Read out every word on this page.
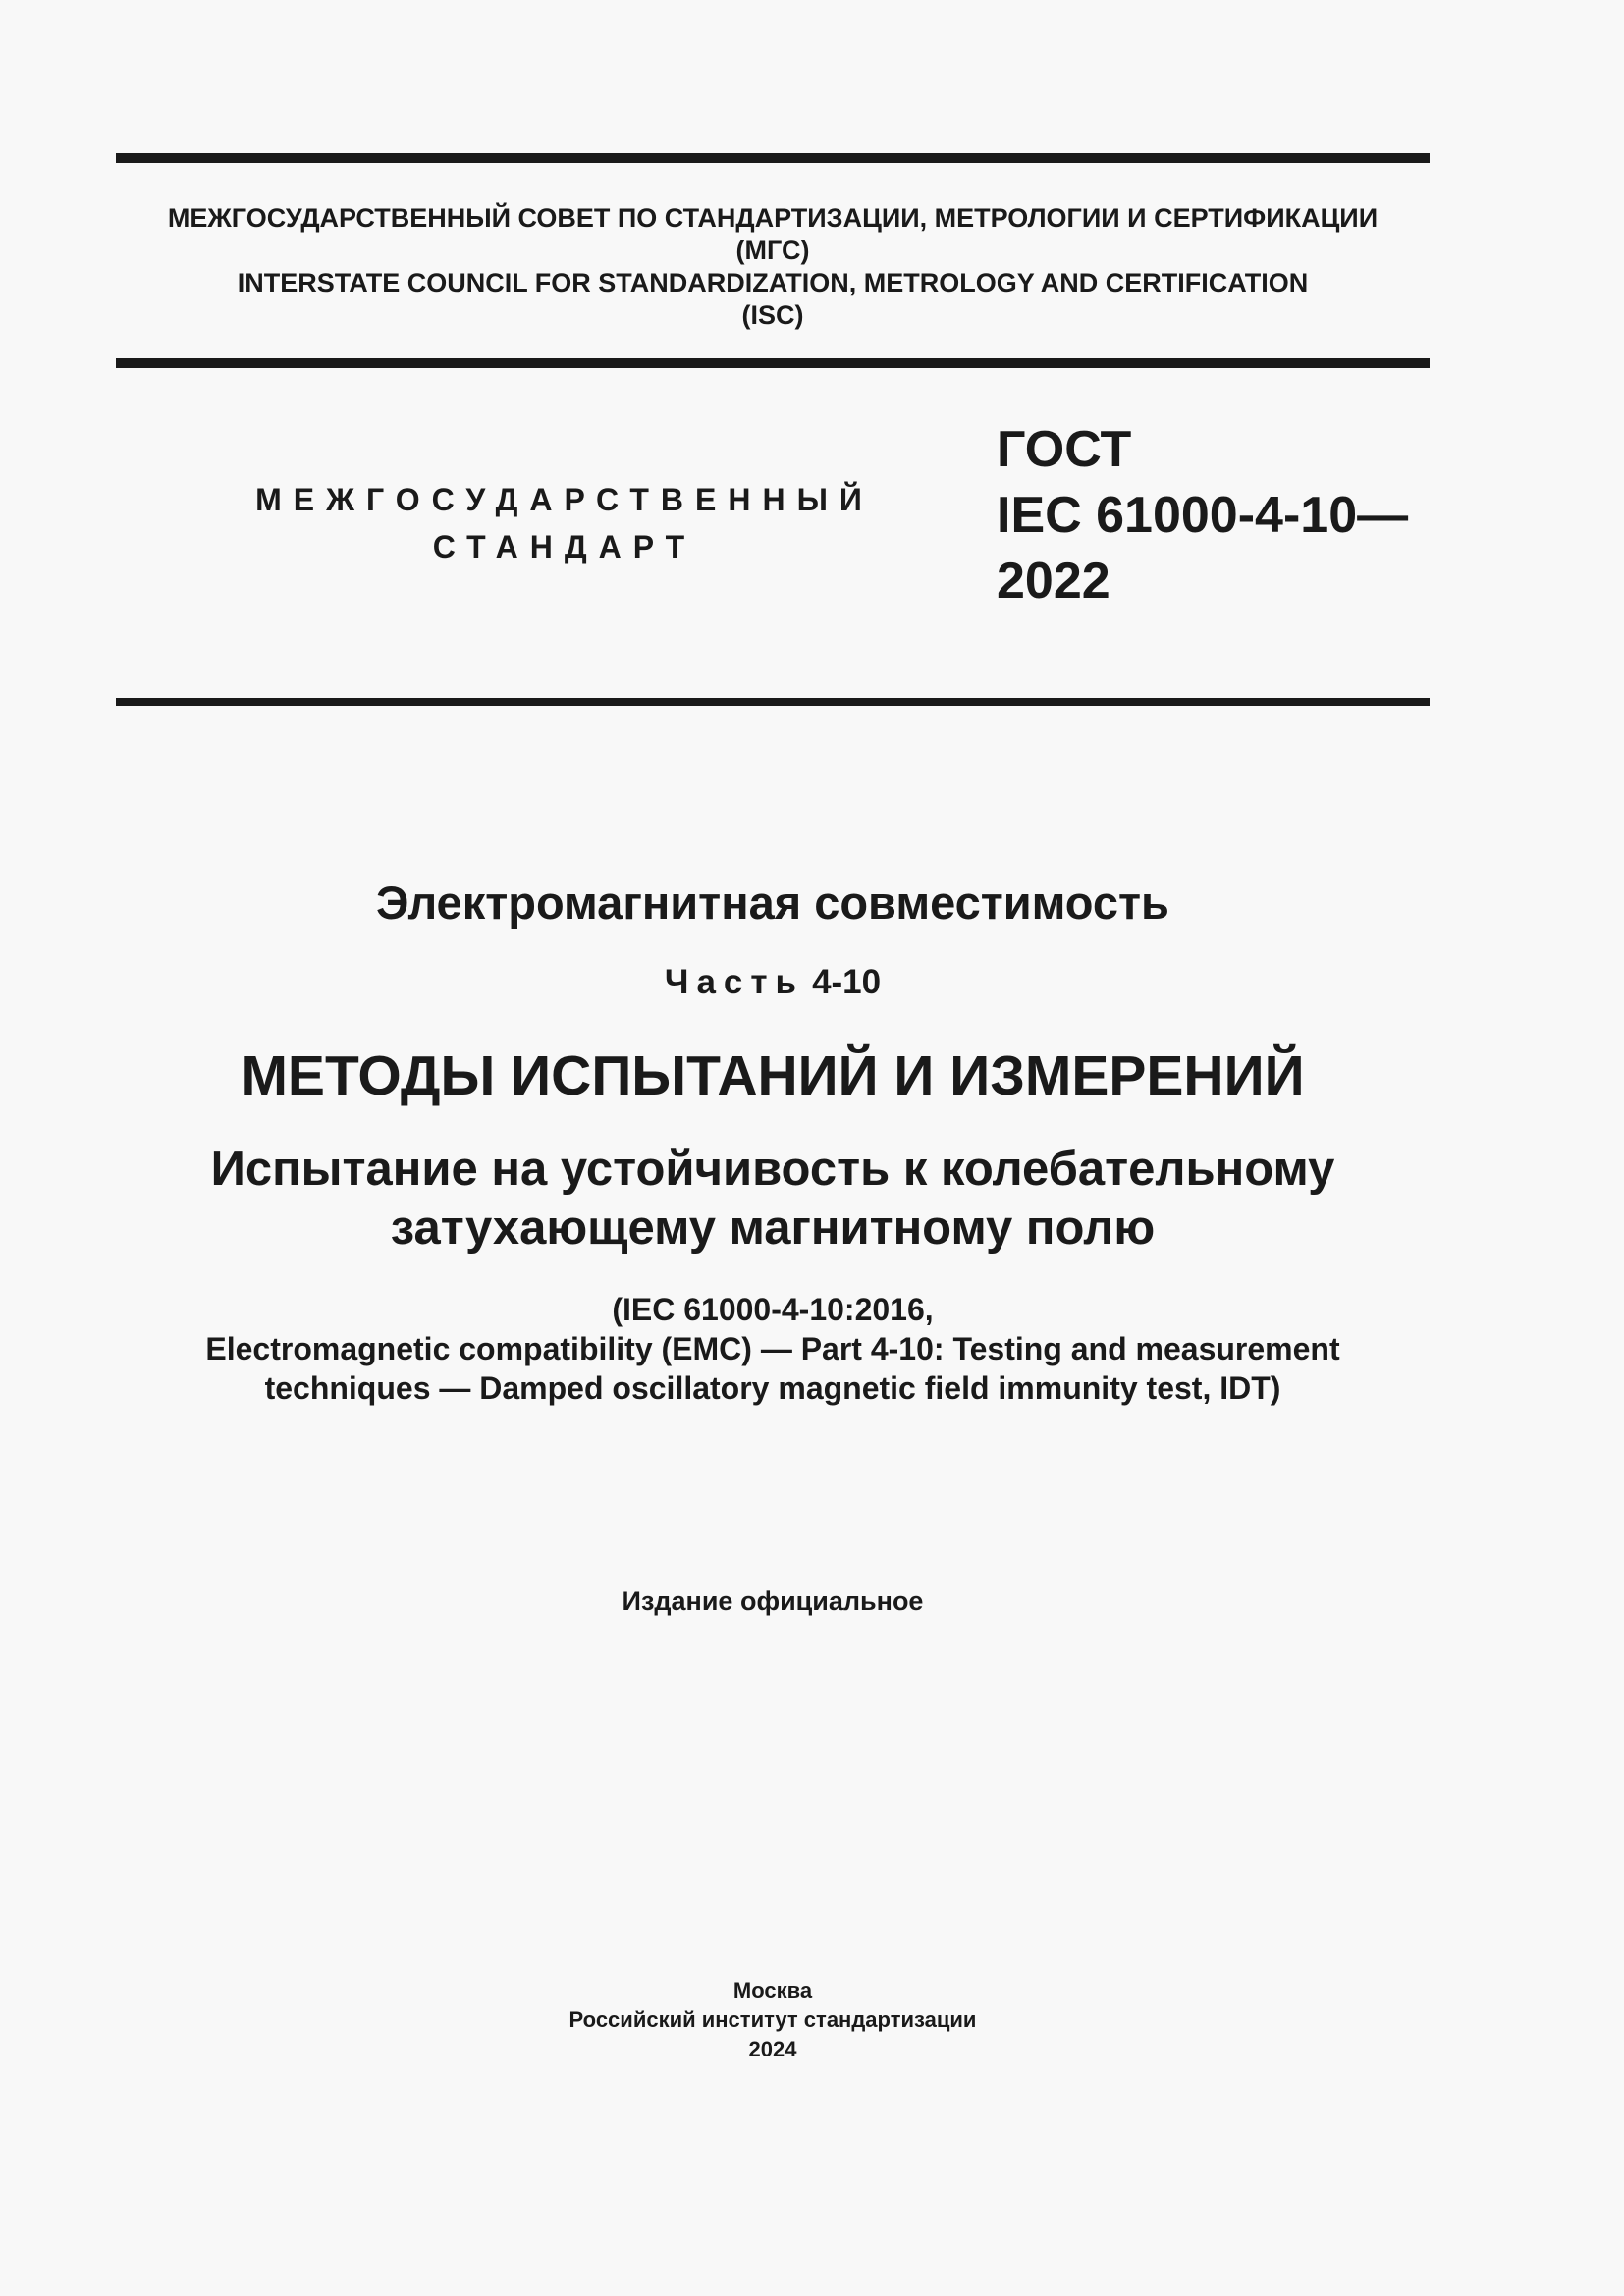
МЕЖГОСУДАРСТВЕННЫЙ СОВЕТ ПО СТАНДАРТИЗАЦИИ, МЕТРОЛОГИИ И СЕРТИФИКАЦИИ
(МГС)
INTERSTATE COUNCIL FOR STANDARDIZATION, METROLOGY AND CERTIFICATION
(ISC)
МЕЖГОСУДАРСТВЕННЫЙ
СТАНДАРТ
ГОСТ
IEC 61000-4-10—
2022
Электромагнитная совместимость
Часть 4-10
МЕТОДЫ ИСПЫТАНИЙ И ИЗМЕРЕНИЙ
Испытание на устойчивость к колебательному
затухающему магнитному полю
(IEC 61000-4-10:2016,
Electromagnetic compatibility (EMC) — Part 4-10: Testing and measurement
techniques — Damped oscillatory magnetic field immunity test, IDT)
Издание официальное
Москва
Российский институт стандартизации
2024
